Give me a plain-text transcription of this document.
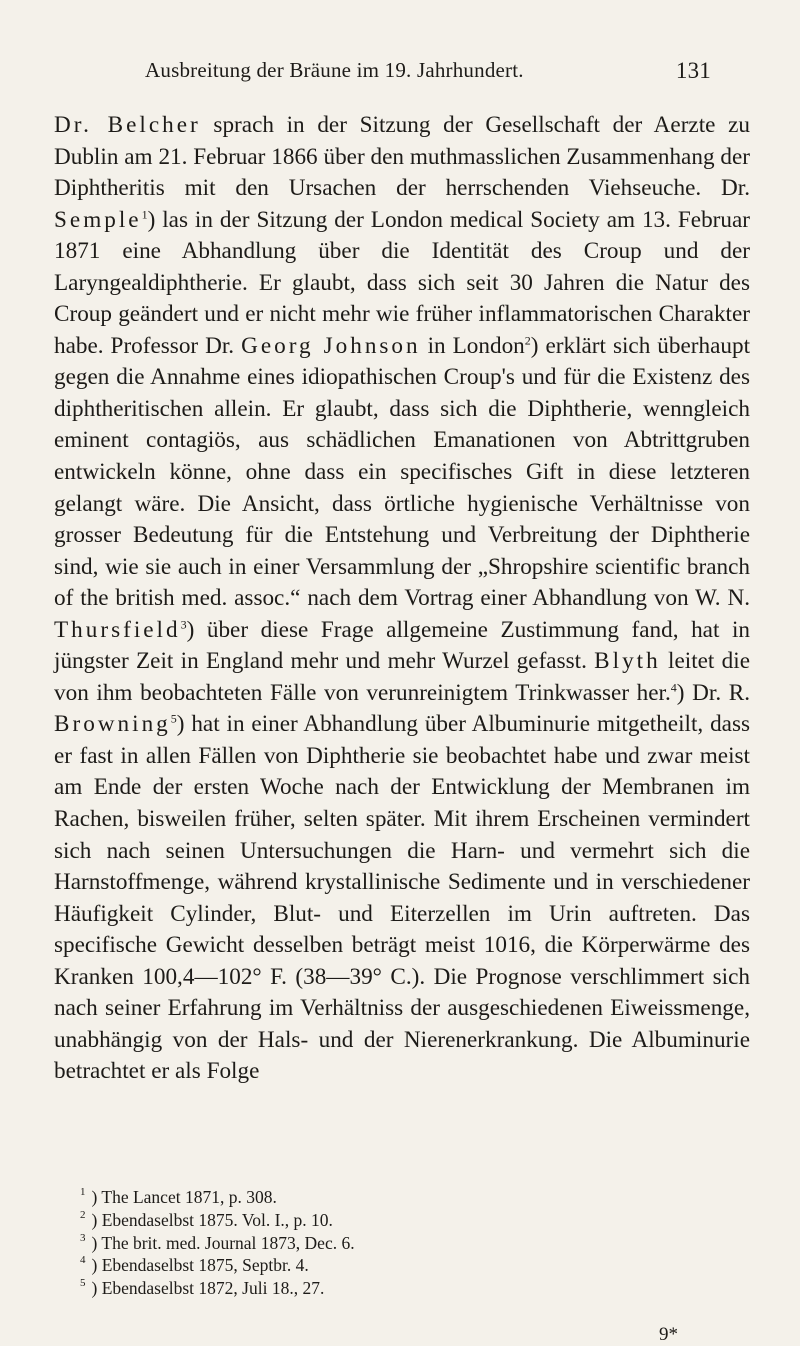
Ausbreitung der Bräune im 19. Jahrhundert.	131

Dr. Belcher sprach in der Sitzung der Gesellschaft der Aerzte zu Dublin am 21. Februar 1866 über den muthmasslichen Zusammenhang der Diphtheritis mit den Ursachen der herrschenden Viehseuche. Dr. Semple$^1$) las in der Sitzung der London medical Society am 13. Februar 1871 eine Abhandlung über die Identität des Croup und der Laryngealdiphtherie. Er glaubt, dass sich seit 30 Jahren die Natur des Croup geändert und er nicht mehr wie früher inflammatorischen Charakter habe. Professor Dr. Georg Johnson in London$^2$) erklärt sich überhaupt gegen die Annahme eines idiopathischen Croup's und für die Existenz des diphtheritischen allein. Er glaubt, dass sich die Diphtherie, wenngleich eminent contagiös, aus schädlichen Emanationen von Abtrittgruben entwickeln könne, ohne dass ein specifisches Gift in diese letzteren gelangt wäre. Die Ansicht, dass örtliche hygienische Verhältnisse von grosser Bedeutung für die Entstehung und Verbreitung der Diphtherie sind, wie sie auch in einer Versammlung der „Shropshire scientific branch of the british med. assoc.“ nach dem Vortrag einer Abhandlung von W. N. Thursfield$^3$) über diese Frage allgemeine Zustimmung fand, hat in jüngster Zeit in England mehr und mehr Wurzel gefasst. Blyth leitet die von ihm beobachteten Fälle von verunreinigtem Trinkwasser her.$^4$) Dr. R. Browning$^5$) hat in einer Abhandlung über Albuminurie mitgetheilt, dass er fast in allen Fällen von Diphtherie sie beobachtet habe und zwar meist am Ende der ersten Woche nach der Entwicklung der Membranen im Rachen, bisweilen früher, selten später. Mit ihrem Erscheinen vermindert sich nach seinen Untersuchungen die Harn- und vermehrt sich die Harnstoffmenge, während krystallinische Sedimente und in verschiedener Häufigkeit Cylinder, Blut- und Eiterzellen im Urin auftreten. Das specifische Gewicht desselben beträgt meist 1016, die Körperwärme des Kranken 100,4—102° F. (38—39° C.). Die Prognose verschlimmert sich nach seiner Erfahrung im Verhältniss der ausgeschiedenen Eiweissmenge, unabhängig von der Hals- und der Nierenerkrankung. Die Albuminurie betrachtet er als Folge

1 ) The Lancet 1871, p. 308.
2 ) Ebendaselbst 1875. Vol. I., p. 10.
3 ) The brit. med. Journal 1873, Dec. 6.
4 ) Ebendaselbst 1875, Septbr. 4.
5 ) Ebendaselbst 1872, Juli 18., 27.
9*
